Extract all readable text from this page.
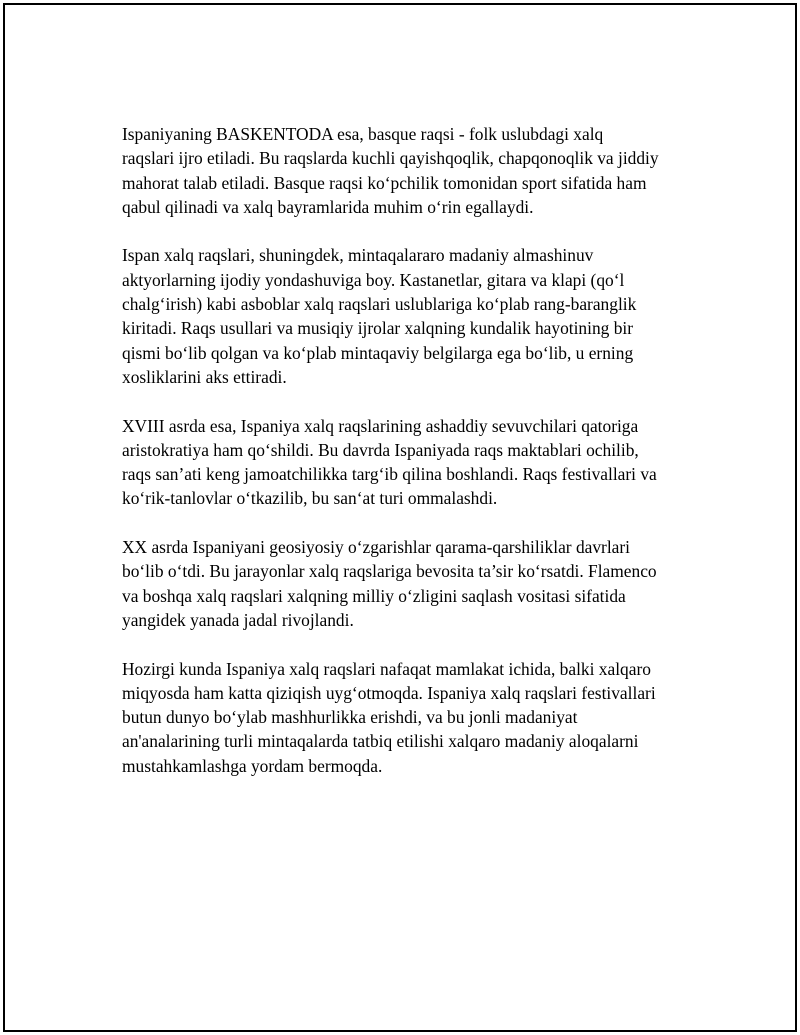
Ispaniyaning BASKENTODA esa, basque raqsi - folk uslubdagi xalq
raqslari ijro etiladi. Bu raqslarda kuchli qayishqoqlik, chapqonoqlik va jiddiy
mahorat talab etiladi. Basque raqsi ko‘pchilik tomonidan sport sifatida ham
qabul qilinadi va xalq bayramlarida muhim o‘rin egallaydi.

Ispan xalq raqslari, shuningdek, mintaqalararo madaniy almashinuv
aktyorlarning ijodiy yondashuviga boy. Kastanetlar, gitara va klapi (qo‘l
chalg‘irish) kabi asboblar xalq raqslari uslublariga ko‘plab rang-baranglik
kiritadi. Raqs usullari va musiqiy ijrolar xalqning kundalik hayotining bir
qismi bo‘lib qolgan va ko‘plab mintaqaviy belgilarga ega bo‘lib, u erning
xosliklarini aks ettiradi.

XVIII asrda esa, Ispaniya xalq raqslarining ashaddiy sevuvchilari qatoriga
aristokratiya ham qo‘shildi. Bu davrda Ispaniyada raqs maktablari ochilib,
raqs san’ati keng jamoatchilikka targ‘ib qilina boshlandi. Raqs festivallari va
ko‘rik-tanlovlar o‘tkazilib, bu san‘at turi ommalashdi.

XX asrda Ispaniyani geosiyosiy o‘zgarishlar qarama-qarshiliklar davrlari
bo‘lib o‘tdi. Bu jarayonlar xalq raqslariga bevosita ta’sir ko‘rsatdi. Flamenco
va boshqa xalq raqslari xalqning milliy o‘zligini saqlash vositasi sifatida
yangidek yanada jadal rivojlandi.

Hozirgi kunda Ispaniya xalq raqslari nafaqat mamlakat ichida, balki xalqaro
miqyosda ham katta qiziqish uyg‘otmoqda. Ispaniya xalq raqslari festivallari
butun dunyo bo‘ylab mashhurlikka erishdi, va bu jonli madaniyat
an'analarining turli mintaqalarda tatbiq etilishi xalqaro madaniy aloqalarni
mustahkamlashga yordam bermoqda.
